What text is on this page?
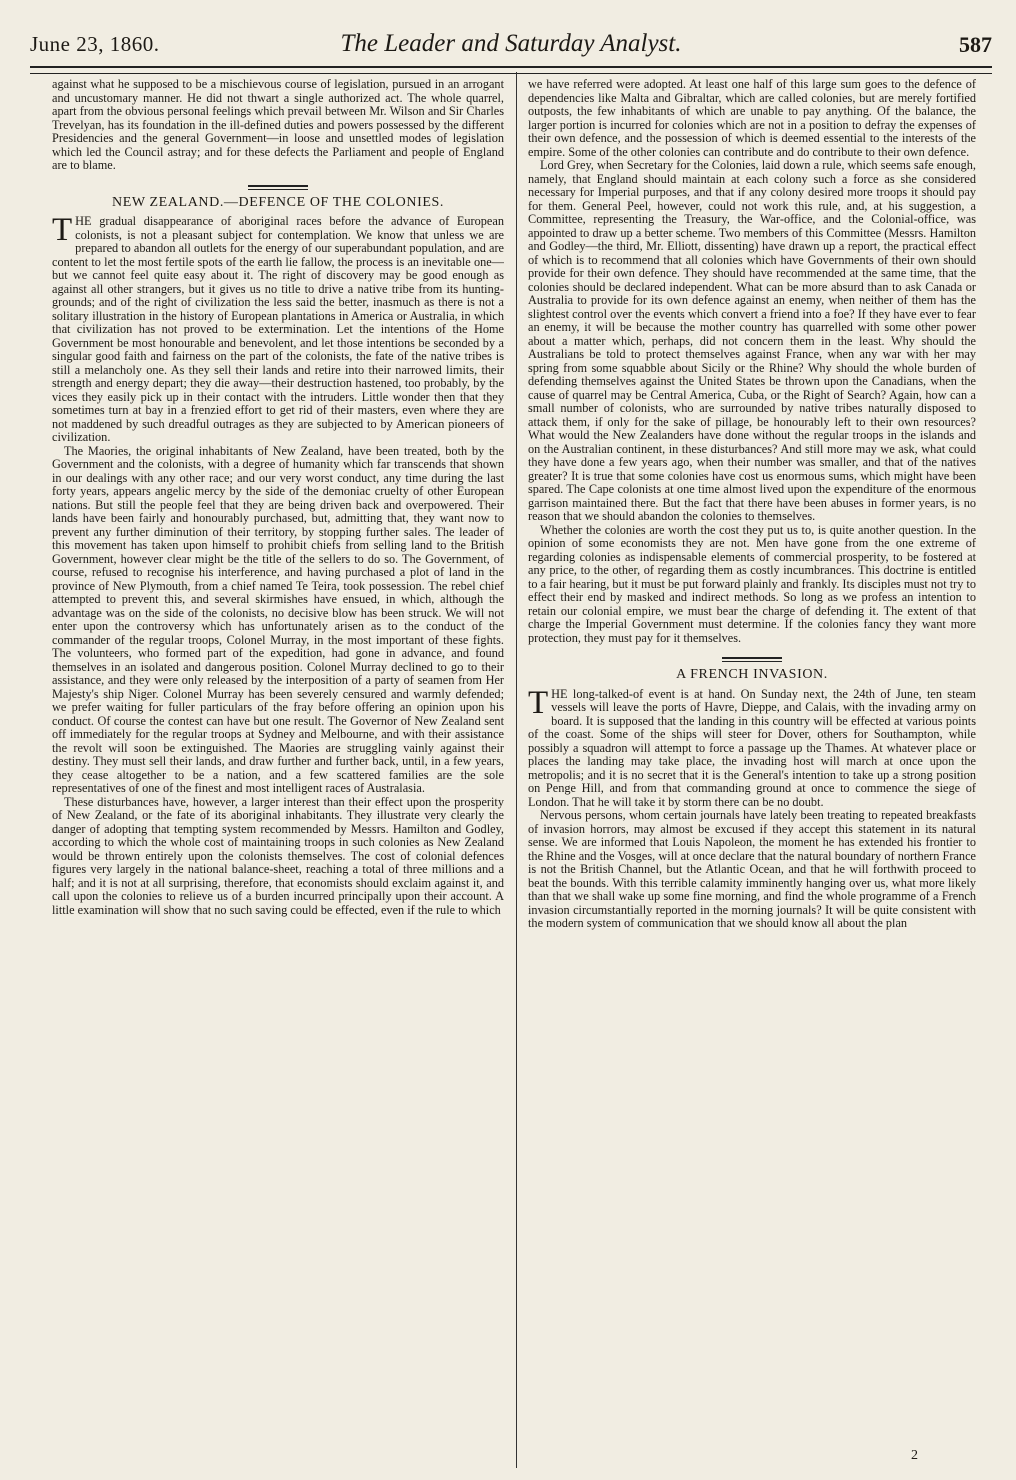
June 23, 1860.	The Leader and Saturday Analyst.	587

against what he supposed to be a mischievous course of legislation, pursued in an arrogant and uncustomary manner. He did not thwart a single authorized act. The whole quarrel, apart from the obvious personal feelings which prevail between Mr. Wilson and Sir Charles Trevelyan, has its foundation in the ill-defined duties and powers possessed by the different Presidencies and the general Government—in loose and unsettled modes of legislation which led the Council astray; and for these defects the Parliament and people of England are to blame.

NEW ZEALAND.—DEFENCE OF THE COLONIES.

THE gradual disappearance of aboriginal races before the advance of European colonists, is not a pleasant subject for contemplation. We know that unless we are prepared to abandon all outlets for the energy of our superabundant population, and are content to let the most fertile spots of the earth lie fallow, the process is an inevitable one—but we cannot feel quite easy about it. The right of discovery may be good enough as against all other strangers, but it gives us no title to drive a native tribe from its hunting-grounds; and of the right of civilization the less said the better, inasmuch as there is not a solitary illustration in the history of European plantations in America or Australia, in which that civilization has not proved to be extermination. Let the intentions of the Home Government be most honourable and benevolent, and let those intentions be seconded by a singular good faith and fairness on the part of the colonists, the fate of the native tribes is still a melancholy one. As they sell their lands and retire into their narrowed limits, their strength and energy depart; they die away—their destruction hastened, too probably, by the vices they easily pick up in their contact with the intruders. Little wonder then that they sometimes turn at bay in a frenzied effort to get rid of their masters, even where they are not maddened by such dreadful outrages as they are subjected to by American pioneers of civilization.

The Maories, the original inhabitants of New Zealand, have been treated, both by the Government and the colonists, with a degree of humanity which far transcends that shown in our dealings with any other race; and our very worst conduct, any time during the last forty years, appears angelic mercy by the side of the demoniac cruelty of other European nations. But still the people feel that they are being driven back and overpowered. Their lands have been fairly and honourably purchased, but, admitting that, they want now to prevent any further diminution of their territory, by stopping further sales. The leader of this movement has taken upon himself to prohibit chiefs from selling land to the British Government, however clear might be the title of the sellers to do so. The Government, of course, refused to recognise his interference, and having purchased a plot of land in the province of New Plymouth, from a chief named Te Teira, took possession. The rebel chief attempted to prevent this, and several skirmishes have ensued, in which, although the advantage was on the side of the colonists, no decisive blow has been struck. We will not enter upon the controversy which has unfortunately arisen as to the conduct of the commander of the regular troops, Colonel Murray, in the most important of these fights. The volunteers, who formed part of the expedition, had gone in advance, and found themselves in an isolated and dangerous position. Colonel Murray declined to go to their assistance, and they were only released by the interposition of a party of seamen from Her Majesty's ship Niger. Colonel Murray has been severely censured and warmly defended; we prefer waiting for fuller particulars of the fray before offering an opinion upon his conduct. Of course the contest can have but one result. The Governor of New Zealand sent off immediately for the regular troops at Sydney and Melbourne, and with their assistance the revolt will soon be extinguished. The Maories are struggling vainly against their destiny. They must sell their lands, and draw further and further back, until, in a few years, they cease altogether to be a nation, and a few scattered families are the sole representatives of one of the finest and most intelligent races of Australasia.

These disturbances have, however, a larger interest than their effect upon the prosperity of New Zealand, or the fate of its aboriginal inhabitants. They illustrate very clearly the danger of adopting that tempting system recommended by Messrs. Hamilton and Godley, according to which the whole cost of maintaining troops in such colonies as New Zealand would be thrown entirely upon the colonists themselves. The cost of colonial defences figures very largely in the national balance-sheet, reaching a total of three millions and a half; and it is not at all surprising, therefore, that economists should exclaim against it, and call upon the colonies to relieve us of a burden incurred principally upon their account. A little examination will show that no such saving could be effected, even if the rule to which

we have referred were adopted. At least one half of this large sum goes to the defence of dependencies like Malta and Gibraltar, which are called colonies, but are merely fortified outposts, the few inhabitants of which are unable to pay anything. Of the balance, the larger portion is incurred for colonies which are not in a position to defray the expenses of their own defence, and the possession of which is deemed essential to the interests of the empire. Some of the other colonies can contribute and do contribute to their own defence.

Lord Grey, when Secretary for the Colonies, laid down a rule, which seems safe enough, namely, that England should maintain at each colony such a force as she considered necessary for Imperial purposes, and that if any colony desired more troops it should pay for them. General Peel, however, could not work this rule, and, at his suggestion, a Committee, representing the Treasury, the War-office, and the Colonial-office, was appointed to draw up a better scheme. Two members of this Committee (Messrs. Hamilton and Godley—the third, Mr. Elliott, dissenting) have drawn up a report, the practical effect of which is to recommend that all colonies which have Governments of their own should provide for their own defence. They should have recommended at the same time, that the colonies should be declared independent. What can be more absurd than to ask Canada or Australia to provide for its own defence against an enemy, when neither of them has the slightest control over the events which convert a friend into a foe? If they have ever to fear an enemy, it will be because the mother country has quarrelled with some other power about a matter which, perhaps, did not concern them in the least. Why should the Australians be told to protect themselves against France, when any war with her may spring from some squabble about Sicily or the Rhine? Why should the whole burden of defending themselves against the United States be thrown upon the Canadians, when the cause of quarrel may be Central America, Cuba, or the Right of Search? Again, how can a small number of colonists, who are surrounded by native tribes naturally disposed to attack them, if only for the sake of pillage, be honourably left to their own resources? What would the New Zealanders have done without the regular troops in the islands and on the Australian continent, in these disturbances? And still more may we ask, what could they have done a few years ago, when their number was smaller, and that of the natives greater? It is true that some colonies have cost us enormous sums, which might have been spared. The Cape colonists at one time almost lived upon the expenditure of the enormous garrison maintained there. But the fact that there have been abuses in former years, is no reason that we should abandon the colonies to themselves.

Whether the colonies are worth the cost they put us to, is quite another question. In the opinion of some economists they are not. Men have gone from the one extreme of regarding colonies as indispensable elements of commercial prosperity, to be fostered at any price, to the other, of regarding them as costly incumbrances. This doctrine is entitled to a fair hearing, but it must be put forward plainly and frankly. Its disciples must not try to effect their end by masked and indirect methods. So long as we profess an intention to retain our colonial empire, we must bear the charge of defending it. The extent of that charge the Imperial Government must determine. If the colonies fancy they want more protection, they must pay for it themselves.

A FRENCH INVASION.

THE long-talked-of event is at hand. On Sunday next, the 24th of June, ten steam vessels will leave the ports of Havre, Dieppe, and Calais, with the invading army on board. It is supposed that the landing in this country will be effected at various points of the coast. Some of the ships will steer for Dover, others for Southampton, while possibly a squadron will attempt to force a passage up the Thames. At whatever place or places the landing may take place, the invading host will march at once upon the metropolis; and it is no secret that it is the General's intention to take up a strong position on Penge Hill, and from that commanding ground at once to commence the siege of London. That he will take it by storm there can be no doubt.

Nervous persons, whom certain journals have lately been treating to repeated breakfasts of invasion horrors, may almost be excused if they accept this statement in its natural sense. We are informed that Louis Napoleon, the moment he has extended his frontier to the Rhine and the Vosges, will at once declare that the natural boundary of northern France is not the British Channel, but the Atlantic Ocean, and that he will forthwith proceed to beat the bounds. With this terrible calamity imminently hanging over us, what more likely than that we shall wake up some fine morning, and find the whole programme of a French invasion circumstantially reported in the morning journals? It will be quite consistent with the modern system of communication that we should know all about the plan

2
